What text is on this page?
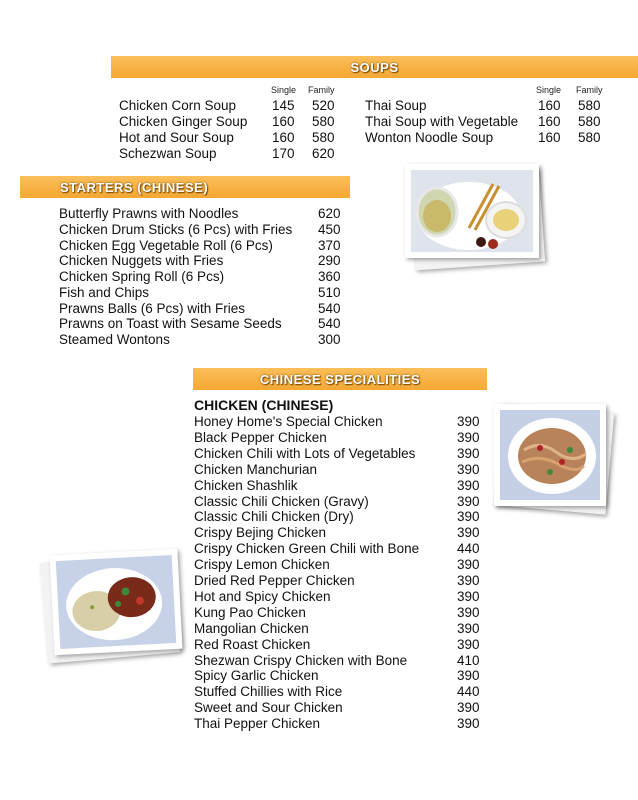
SOUPS
Single Family	Single Family
Chicken Corn Soup	145 520
Chicken Ginger Soup 160 580
Hot and Sour Soup	160 580
Schezwan Soup	170 620
Thai Soup	160 580
Thai Soup with Vegetable 160 580
Wonton Noodle Soup	160 580
STARTERS (CHINESE)
Butterfly Prawns with Noodles	620
Chicken Drum Sticks (6 Pcs) with Fries 450
Chicken Egg Vegetable Roll (6 Pcs)	370
Chicken Nuggets with Fries	290
Chicken Spring Roll (6 Pcs)	360
Fish and Chips	510
Prawns Balls (6 Pcs) with Fries	540
Prawns on Toast with Sesame Seeds	540
Steamed Wontons	300
CHINESE SPECIALITIES
CHICKEN (CHINESE)
Honey Home's Special Chicken	390
Black Pepper Chicken	390
Chicken Chili with Lots of Vegetables	390
Chicken Manchurian	390
Chicken Shashlik	390
Classic Chili Chicken (Gravy)	390
Classic Chili Chicken (Dry)	390
Crispy Bejing Chicken	390
Crispy Chicken Green Chili with Bone	440
Crispy Lemon Chicken	390
Dried Red Pepper Chicken	390
Hot and Spicy Chicken	390
Kung Pao Chicken	390
Mangolian Chicken	390
Red Roast Chicken	390
Shezwan Crispy Chicken with Bone	410
Spicy Garlic Chicken	390
Stuffed Chillies with Rice	440
Sweet and Sour Chicken	390
Thai Pepper Chicken	390
